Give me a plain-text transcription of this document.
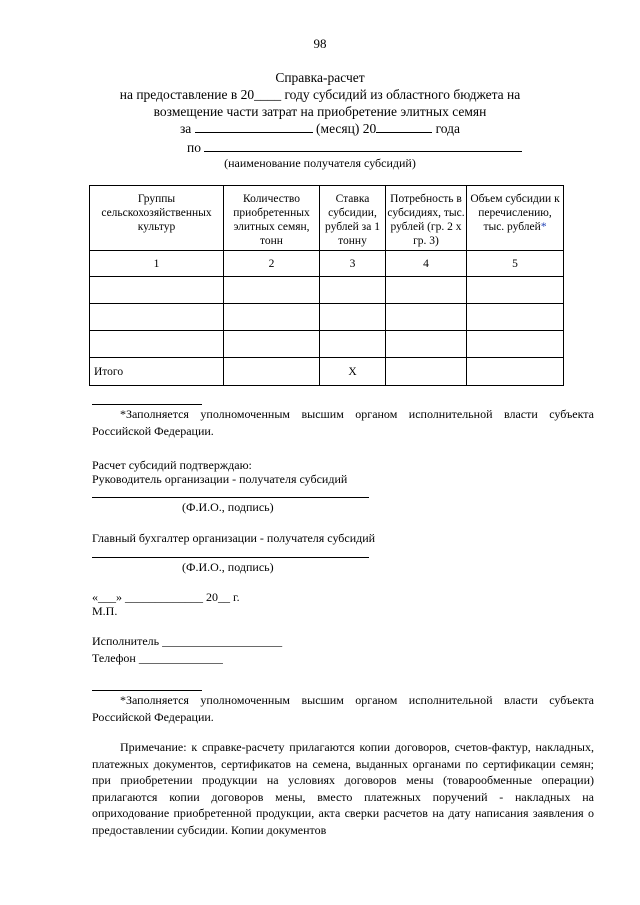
98
Справка-расчет
на предоставление в 20____ году субсидий из областного бюджета на
возмещение части затрат на приобретение элитных семян
за	(месяц) 20	года
по
(наименование получателя субсидий)
Группы сельскохозяйственных культур	Количество приобретенных элитных семян, тонн	Ставка субсидии, рублей за 1 тонну	Потребность в субсидиях, тыс. рублей (гр. 2 х гр. 3)	Объем субсидии к перечислению, тыс. рублей*
1	2	3	4	5

Итого		Х		
*Заполняется уполномоченным высшим органом исполнительной власти субъекта
Российской Федерации.
Расчет субсидий подтверждаю:
Руководитель организации - получателя субсидий
(Ф.И.О., подпись)
Главный бухгалтер организации - получателя субсидий
(Ф.И.О., подпись)
«___» _____________ 20__ г.
М.П.
Исполнитель ____________________
Телефон ______________
*Заполняется уполномоченным высшим органом исполнительной власти субъекта
Российской Федерации.

Примечание: к справке-расчету прилагаются копии договоров, счетов-фактур, накладных, платежных документов, сертификатов на семена, выданных органами по сертификации семян; при приобретении продукции на условиях договоров мены (товарообменные операции) прилагаются копии договоров мены, вместо платежных поручений - накладных на оприходование приобретенной продукции, акта сверки расчетов на дату написания заявления о предоставлении субсидии. Копии документов
